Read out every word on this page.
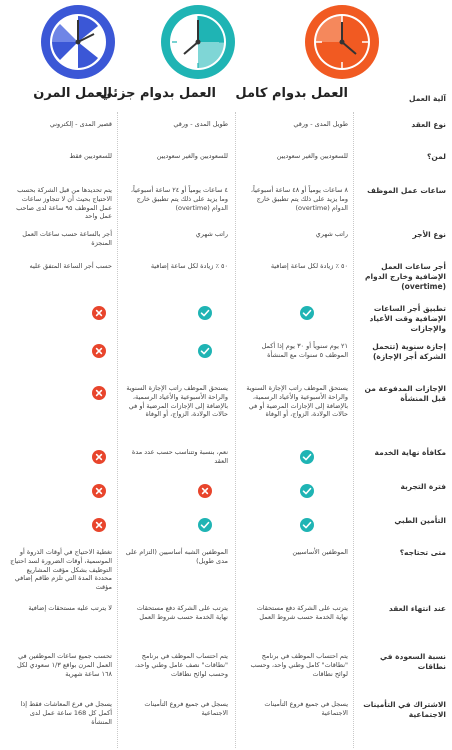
العمل بدوام كامل
العمل بدوام جزئي
العمل المرن	آلية العمل
نوع العقد
طويل المدى - ورقي
طويل المدى - ورقي
قصير المدى - إلكتروني
لمن؟
للسعوديين والغير سعوديين
للسعوديين والغير سعوديين
للسعوديين فقط
ساعات عمل الموظف
٨ ساعات يومياً أو ٤٨ ساعة أسبوعياً، وما يزيد على ذلك يتم تطبيق خارج الدوام (overtime)
٤ ساعات يومياً أو ٢٤ ساعة أسبوعياً، وما يزيد على ذلك يتم تطبيق خارج الدوام (overtime)
يتم تحديدها من قبل الشركة بحسب الاحتياج بحيث أن لا تتجاوز ساعات عمل الموظف ٩٥ ساعة لدى صاحب عمل واحد
نوع الأجر
راتب شهري
راتب شهري
أجر بالساعة حسب ساعات العمل المنجزة
أجر ساعات العمل الإضافية وخارج الدوام (overtime)
٥٠ ٪ زيادة لكل ساعة إضافية
٥٠ ٪ زيادة لكل ساعة إضافية
حسب أجر الساعة المتفق عليه
تطبيق أجر الساعات الإضافية وقت الأعياد والإجازات
إجازة سنوية (تتحمل الشركة أجر الإجازة)
٢١ يوم سنوياً أو ٣٠ يوم إذا أكمل الموظف ٥ سنوات مع المنشأة
الإجازات المدفوعة من قبل المنشأة
يستحق الموظف راتب الإجازة السنوية والراحة الأسبوعية والأعياد الرسمية، بالإضافة إلى الإجازات المرضية أو في حالات الولادة، الزواج، أو الوفاة
يستحق الموظف راتب الإجازة السنوية والراحة الأسبوعية والأعياد الرسمية، بالإضافة إلى الإجازات المرضية أو في حالات الولادة، الزواج، أو الوفاة
مكافأة نهاية الخدمة
نعم، بنسبة وتتناسب حسب عدد مدة العقد
فترة التجربة
التأمين الطبي
متى تحتاجه؟
الموظفين الأساسيين
الموظفين الشبه أساسيين (التزام على مدى طويل)
تغطية الاحتياج في أوقات الذروة أو الموسمية، أوقات الضرورة لسد احتياج التوظيف بشكل مؤقت المشاريع محددة المدة التي تلزم طاقم إضافي مؤقت
عند انتهاء العقد
يترتب على الشركة دفع مستحقات نهاية الخدمة حسب شروط العمل
يترتب على الشركة دفع مستحقات نهاية الخدمة حسب شروط العمل
لا يترتب عليه مستحقات إضافية
نسبة السعودة في نطاقات
يتم احتساب الموظف في برنامج "نطاقات" كامل وطني واحد، وحسب لوائح نطاقات
يتم احتساب الموظف في برنامج "نطاقات" نصف عامل وطني واحد، وحسب لوائح نطاقات
تحسب جميع ساعات الموظفين في العمل المرن بواقع ١/٣ سعودي لكل ١٦٨ ساعة شهرية
الاشتراك في التأمينات الاجتماعية
يسجل في جميع فروع التأمينات الاجتماعية
يسجل في جميع فروع التأمينات الاجتماعية
يسجل في فرع المعاشات فقط إذا أكمل كل 168 ساعة عمل لدى المنشأة
